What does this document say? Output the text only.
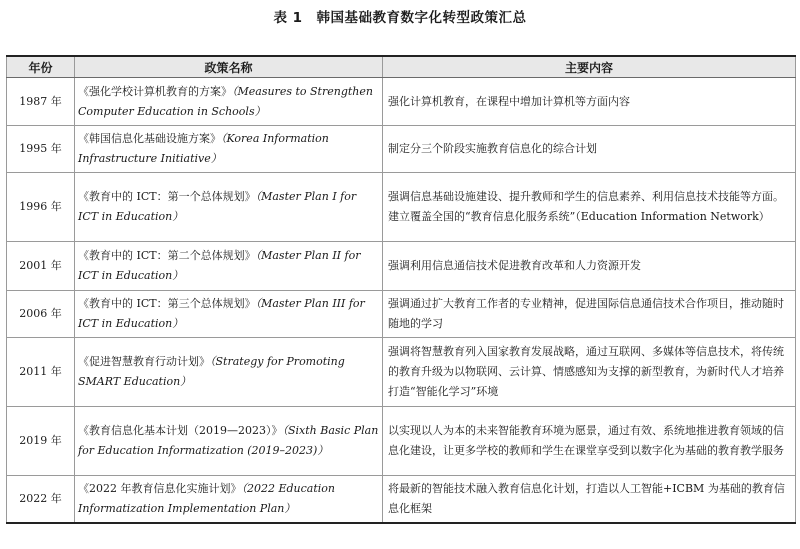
表 1 韩国基础教育数字化转型政策汇总
年份	政策名称	主要内容
1987 年	《强化学校计算机教育的方案》（Measures to Strengthen Computer Education in Schools）	强化计算机教育，在课程中增加计算机等方面内容
1995 年	《韩国信息化基础设施方案》（Korea Information Infrastructure Initiative）	制定分三个阶段实施教育信息化的综合计划
1996 年	《教育中的 ICT：第一个总体规划》（Master Plan I for ICT in Education）	强调信息基础设施建设、提升教师和学生的信息素养、利用信息技术技能等方面。建立覆盖全国的“教育信息化服务系统”（Education Information Network）
2001 年	《教育中的 ICT：第二个总体规划》（Master Plan II for ICT in Education）	强调利用信息通信技术促进教育改革和人力资源开发
2006 年	《教育中的 ICT：第三个总体规划》（Master Plan III for ICT in Education）	强调通过扩大教育工作者的专业精神，促进国际信息通信技术合作项目，推动随时随地的学习
2011 年	《促进智慧教育行动计划》（Strategy for Promoting SMART Education）	强调将智慧教育列入国家教育发展战略，通过互联网、多媒体等信息技术，将传统的教育升级为以物联网、云计算、情感感知为支撑的新型教育，为新时代人才培养打造“智能化学习”环境
2019 年	《教育信息化基本计划（2019—2023）》（Sixth Basic Plan for Education Informatization (2019–2023)）	以实现以人为本的未来智能教育环境为愿景，通过有效、系统地推进教育领域的信息化建设，让更多学校的教师和学生在课堂享受到以数字化为基础的教育教学服务
2022 年	《2022 年教育信息化实施计划》（2022 Education Informatization Implementation Plan）	将最新的智能技术融入教育信息化计划，打造以人工智能+ICBM 为基础的教育信息化框架
